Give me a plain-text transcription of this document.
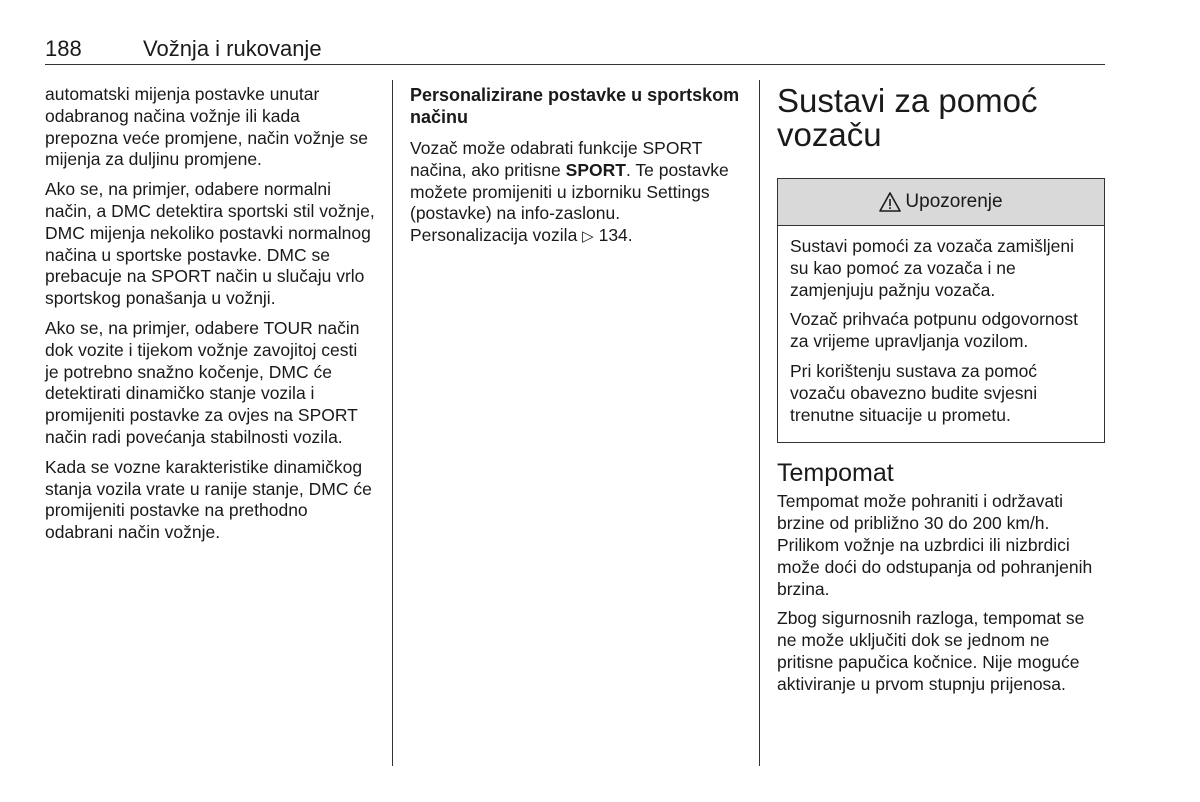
188	Vožnja i rukovanje

automatski mijenja postavke unutar odabranog načina vožnje ili kada prepozna veće promjene, način vožnje se mijenja za duljinu promjene.

Ako se, na primjer, odabere normalni način, a DMC detektira sportski stil vožnje, DMC mijenja nekoliko postavki normalnog načina u sportske postavke. DMC se prebacuje na SPORT način u slučaju vrlo sportskog ponašanja u vožnji.

Ako se, na primjer, odabere TOUR način dok vozite i tijekom vožnje zavojitoj cesti je potrebno snažno kočenje, DMC će detektirati dinamičko stanje vozila i promijeniti postavke za ovjes na SPORT način radi povećanja stabilnosti vozila.

Kada se vozne karakteristike dinamičkog stanja vozila vrate u ranije stanje, DMC će promijeniti postavke na prethodno odabrani način vožnje.

Personalizirane postavke u sportskom načinu

Vozač može odabrati funkcije SPORT načina, ako pritisne SPORT. Te postavke možete promijeniti u izborniku Settings (postavke) na info-zaslonu. Personalizacija vozila ▷ 134.

Sustavi za pomoć vozaču
Upozorenje

Sustavi pomoći za vozača zamišljeni su kao pomoć za vozača i ne zamjenjuju pažnju vozača.

Vozač prihvaća potpunu odgovornost za vrijeme upravljanja vozilom.

Pri korištenju sustava za pomoć vozaču obavezno budite svjesni trenutne situacije u prometu.

Tempomat

Tempomat može pohraniti i održavati brzine od približno 30 do 200 km/h. Prilikom vožnje na uzbrdici ili nizbrdici može doći do odstupanja od pohranjenih brzina.

Zbog sigurnosnih razloga, tempomat se ne može uključiti dok se jednom ne pritisne papučica kočnice. Nije moguće aktiviranje u prvom stupnju prijenosa.
